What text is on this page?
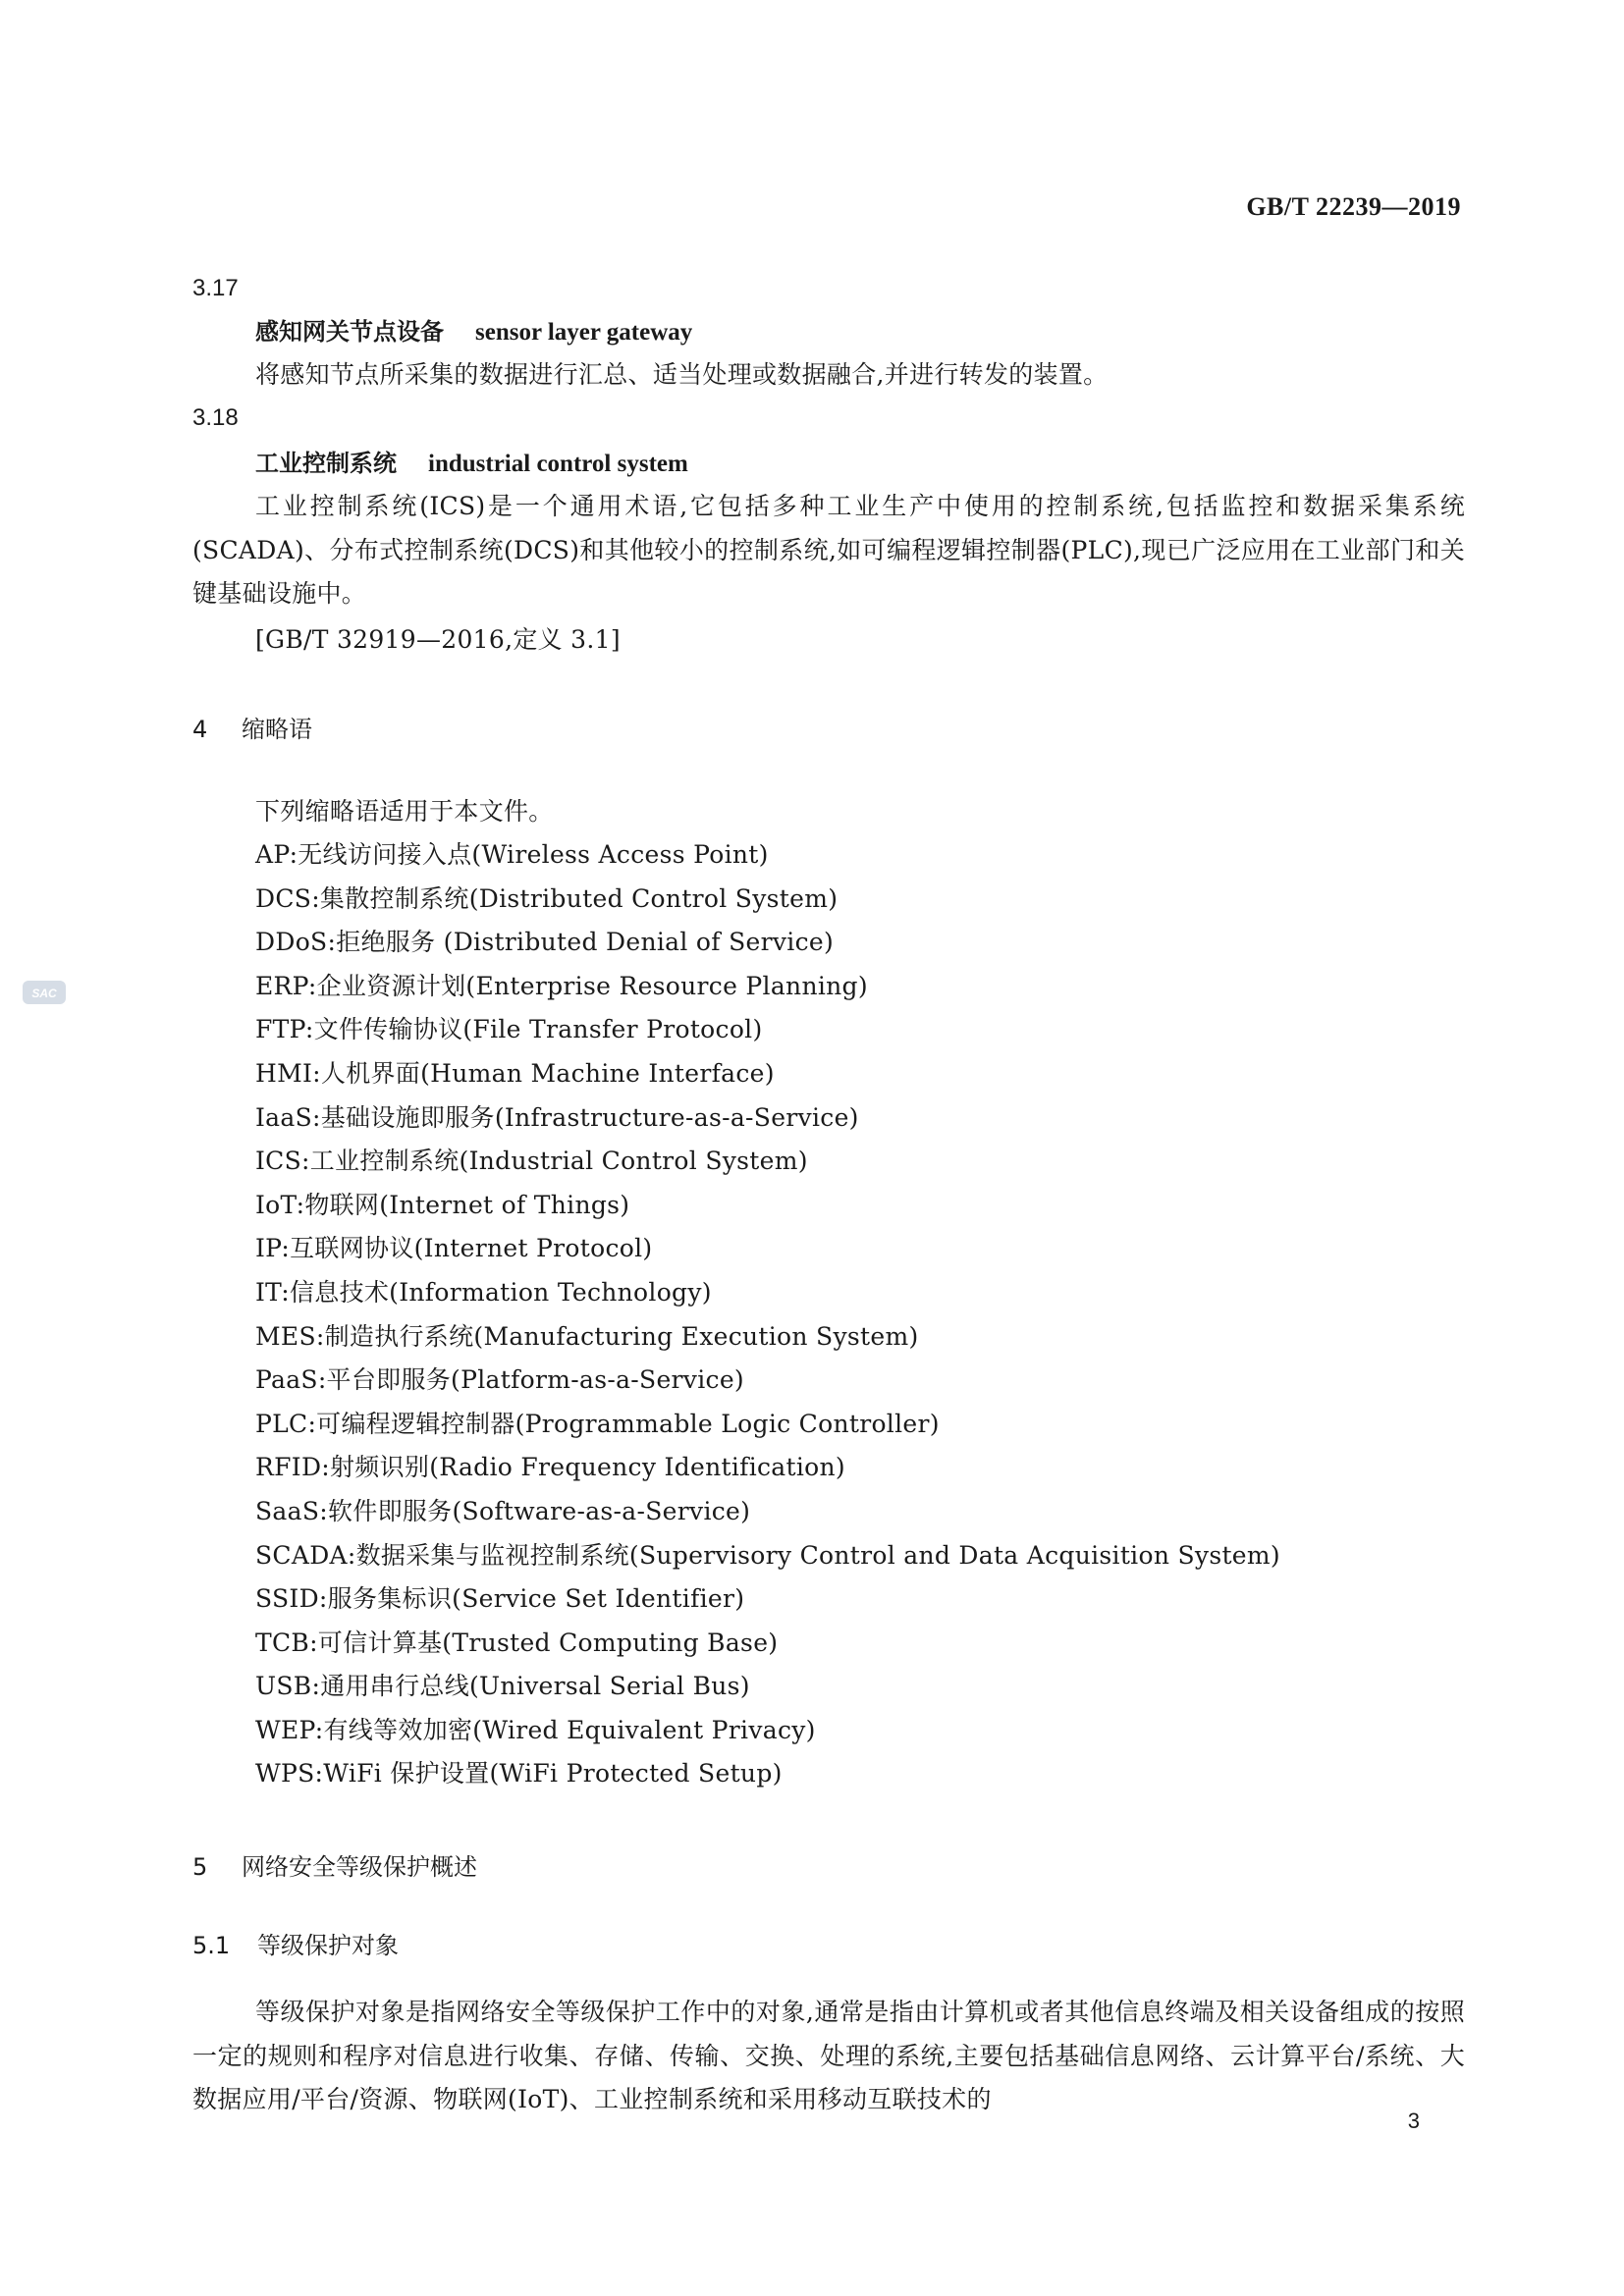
GB/T 22239—2019
3.17
感知网关节点设备 sensor layer gateway
将感知节点所采集的数据进行汇总、适当处理或数据融合,并进行转发的装置。
3.18
工业控制系统 industrial control system
工业控制系统(ICS)是一个通用术语,它包括多种工业生产中使用的控制系统,包括监控和数据采集系统(SCADA)、分布式控制系统(DCS)和其他较小的控制系统,如可编程逻辑控制器(PLC),现已广泛应用在工业部门和关键基础设施中。
[GB/T 32919—2016,定义 3.1]
4 缩略语
下列缩略语适用于本文件。
AP:无线访问接入点(Wireless Access Point)
DCS:集散控制系统(Distributed Control System)
DDoS:拒绝服务 (Distributed Denial of Service)
ERP:企业资源计划(Enterprise Resource Planning)
FTP:文件传输协议(File Transfer Protocol)
HMI:人机界面(Human Machine Interface)
IaaS:基础设施即服务(Infrastructure-as-a-Service)
ICS:工业控制系统(Industrial Control System)
IoT:物联网(Internet of Things)
IP:互联网协议(Internet Protocol)
IT:信息技术(Information Technology)
MES:制造执行系统(Manufacturing Execution System)
PaaS:平台即服务(Platform-as-a-Service)
PLC:可编程逻辑控制器(Programmable Logic Controller)
RFID:射频识别(Radio Frequency Identification)
SaaS:软件即服务(Software-as-a-Service)
SCADA:数据采集与监视控制系统(Supervisory Control and Data Acquisition System)
SSID:服务集标识(Service Set Identifier)
TCB:可信计算基(Trusted Computing Base)
USB:通用串行总线(Universal Serial Bus)
WEP:有线等效加密(Wired Equivalent Privacy)
WPS:WiFi 保护设置(WiFi Protected Setup)
5 网络安全等级保护概述
5.1 等级保护对象
等级保护对象是指网络安全等级保护工作中的对象,通常是指由计算机或者其他信息终端及相关设备组成的按照一定的规则和程序对信息进行收集、存储、传输、交换、处理的系统,主要包括基础信息网络、云计算平台/系统、大数据应用/平台/资源、物联网(IoT)、工业控制系统和采用移动互联技术的
3
SAC
